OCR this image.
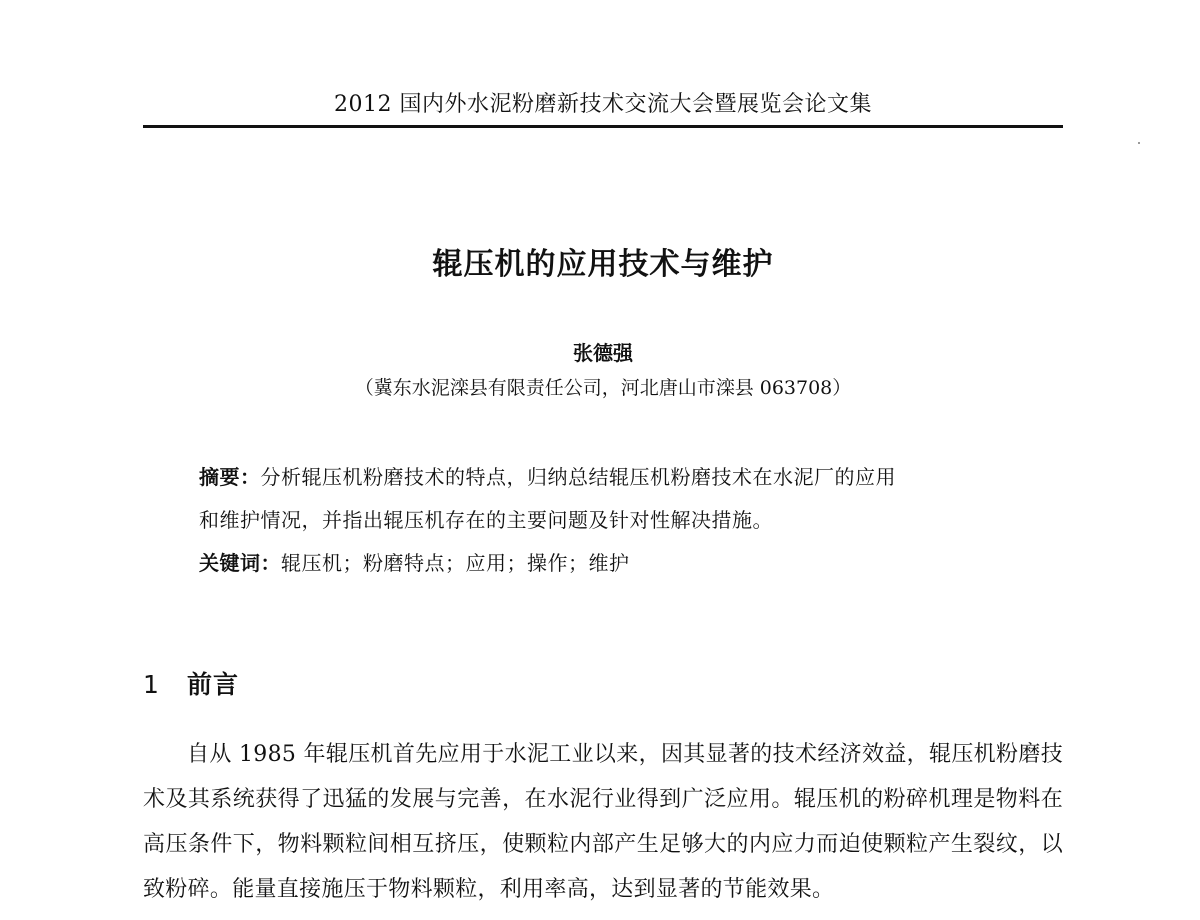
2012 国内外水泥粉磨新技术交流大会暨展览会论文集
辊压机的应用技术与维护
张德强
（冀东水泥滦县有限责任公司，河北唐山市滦县 063708）

摘要：分析辊压机粉磨技术的特点，归纳总结辊压机粉磨技术在水泥厂的应用

和维护情况，并指出辊压机存在的主要问题及针对性解决措施。

关键词：辊压机；粉磨特点；应用；操作；维护

1 前言

自从 1985 年辊压机首先应用于水泥工业以来，因其显著的技术经济效益，辊压机粉磨技术及其系统获得了迅猛的发展与完善，在水泥行业得到广泛应用。辊压机的粉碎机理是物料在高压条件下，物料颗粒间相互挤压，使颗粒内部产生足够大的内应力而迫使颗粒产生裂纹，以致粉碎。能量直接施压于物料颗粒，利用率高，达到显著的节能效果。
